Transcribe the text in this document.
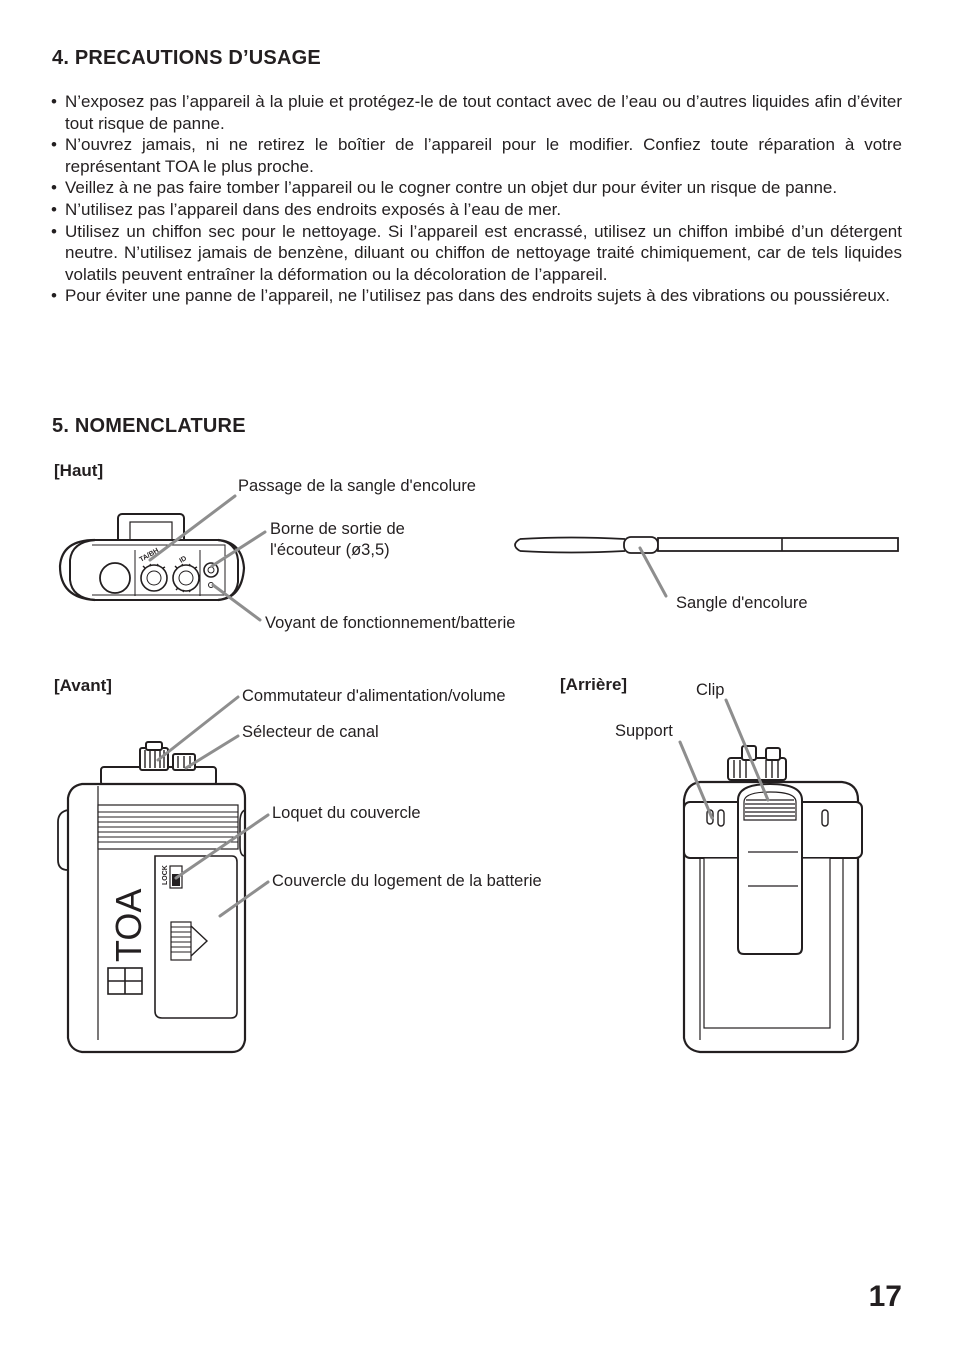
4. PRECAUTIONS D’USAGE
• N’exposez pas l’appareil à la pluie et protégez-le de tout contact avec de l’eau ou d’autres liquides afin d’éviter tout risque de panne.
• N’ouvrez jamais, ni ne retirez le boîtier de l’appareil pour le modifier. Confiez toute réparation à votre représentant TOA le plus proche.
• Veillez à ne pas faire tomber l’appareil ou le cogner contre un objet dur pour éviter un risque de panne.
• N’utilisez pas l’appareil dans des endroits exposés à l’eau de mer.
• Utilisez un chiffon sec pour le nettoyage. Si l’appareil est encrassé, utilisez un chiffon imbibé d’un détergent neutre. N’utilisez jamais de benzène, diluant ou chiffon de nettoyage traité chimiquement, car de tels liquides volatils peuvent entraîner la déformation ou la décoloration de l’appareil.
• Pour éviter une panne de l’appareil, ne l’utilisez pas dans des endroits sujets à des vibrations ou poussiéreux.
5. NOMENCLATURE
TA/BH	ID
LOCK
TOA
[Haut]
Passage de la sangle d'encolure
Borne de sortie de
l'écouteur (ø3,5)
Voyant de fonctionnement/batterie
Sangle d'encolure
[Avant]
Commutateur d'alimentation/volume
Sélecteur de canal
Loquet du couvercle
Couvercle du logement de la batterie
[Arrière]	Clip
Support
17
